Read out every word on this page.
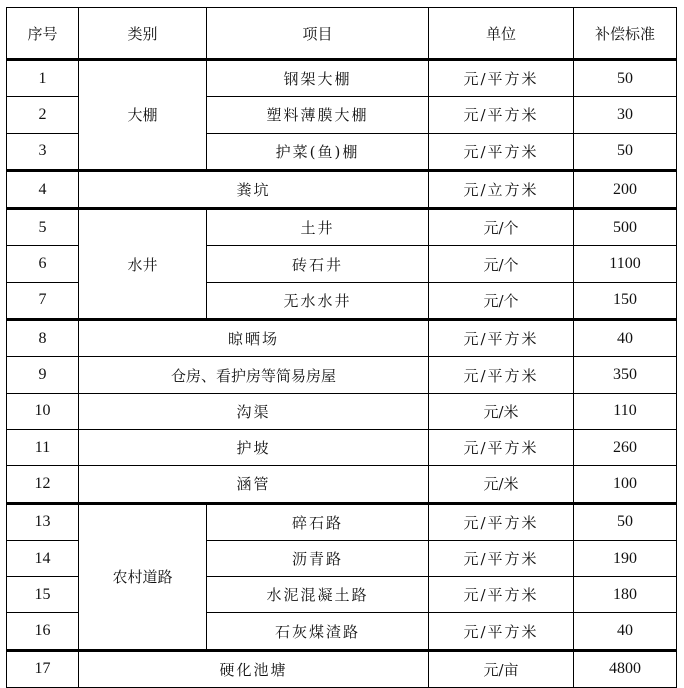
序号	类别	项目	单位	补偿标准
1	大棚	钢架大棚	元/平方米	50
2		塑料薄膜大棚	元/平方米	30
3		护菜(鱼)棚	元/平方米	50
4	粪坑		元/立方米	200
5	水井	土井	元/个	500
6		砖石井	元/个	1100
7		无水水井	元/个	150
8	晾晒场		元/平方米	40
9	仓房、看护房等简易房屋		元/平方米	350
10	沟渠		元/米	110
11	护坡		元/平方米	260
12	涵管		元/米	100
13	农村道路	碎石路	元/平方米	50
14		沥青路	元/平方米	190
15		水泥混凝土路	元/平方米	180
16		石灰煤渣路	元/平方米	40
17	硬化池塘		元/亩	4800
